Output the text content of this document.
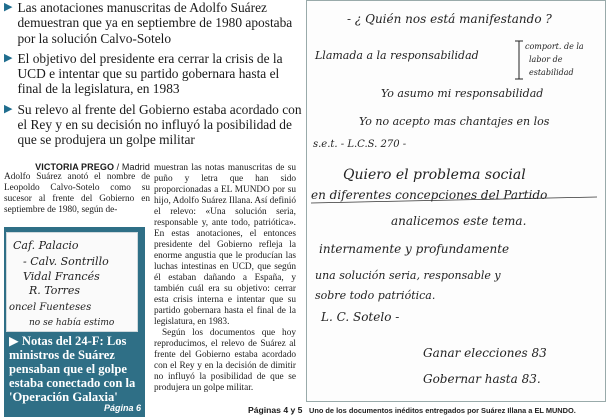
▶ Las anotaciones manuscritas de Adolfo Suárez demuestran que ya en septiembre de 1980 apostaba por la solución Calvo-Sotelo
▶ El objetivo del presidente era cerrar la crisis de la UCD e intentar que su partido gobernara hasta el final de la legislatura, en 1983
▶ Su relevo al frente del Gobierno estaba acordado con el Rey y en su decisión no influyó la posibilidad de que se produjera un golpe militar
VICTORIA PREGO / Madrid
Adolfo Suárez anotó el nombre de Leopoldo Calvo-Sotelo como su sucesor al frente del Gobierno en septiembre de 1980, según de-
Página 6
Caf. Palacio
- Calv. Sontrillo
Vidal Francés
R. Torres
oncel Fuenteses
no se había estimo
▶ Notas del 24-F: Los ministros de Suárez pensaban que el golpe estaba conectado con la 'Operación Galaxia'
muestran las notas manuscritas de su puño y letra que han sido proporcionadas a EL MUNDO por su hijo, Adolfo Suárez Illana. Así definió el relevo: «Una solución seria, responsable y, ante todo, patriótica». En estas anotaciones, el entonces presidente del Gobierno refleja la enorme angustia que le producían las luchas intestinas en UCD, que según él estaban dañando a España, y también cuál era su objetivo: cerrar esta crisis interna e intentar que su partido gobernara hasta el final de la legislatura, en 1983.
Según los documentos que hoy reproducimos, el relevo de Suárez al frente del Gobierno estaba acordado con el Rey y en la decisión de dimitir no influyó la posibilidad de que se produjera un golpe militar.
Páginas 4 y 5
- ¿ Quién nos está manifestando ?
Llamada a la responsabilidad
comport. de la
labor de
estabilidad
Yo asumo mi responsabilidad
Yo no acepto mas chantajes en los
s.e.t. - L.C.S. 270 -
Quiero el problema social
en diferentes concepciones del Partido
analicemos este tema.
internamente y profundamente
una solución seria, responsable y
sobre todo patriótica.
L. C. Sotelo -
Ganar elecciones 83
Gobernar hasta 83.
Uno de los documentos inéditos entregados por Suárez Illana a EL MUNDO.
